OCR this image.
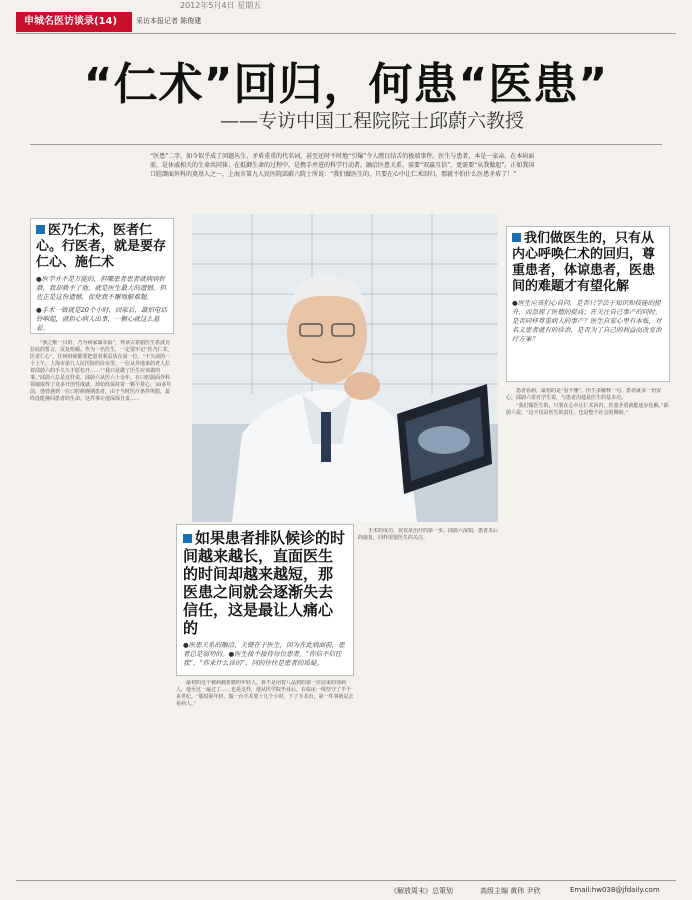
2012年5月4日 星期五
申城名医访谈录(14)	采访本报记者 陈俊建
“仁术”回归，何患“医患”
——专访中国工程院院士邱蔚六教授
“医患”二字，如今似乎成了问题丛生、矛盾重重的代名词，甚至还时不时地“引爆”令人瞠目结舌的极端事件。医生与患者，本是一家亲。在本病面前，是休戚相关的生命共同体；在抵御生命的过程中，是携手并进的科学行动者。融洽医患关系，需要“双赢互信”，更需要“从我做起”。正如我国口腔颌面外科的奠基人之一、上海市第九人民医院邱蔚六院士所说：“我们做医生的，只要在心中让仁术回归，那就不怕什么医患矛盾了！”
医乃仁术，医者仁心。行医者，就是要存仁心、施仁术
●医学并不是万能的，但哪患者患者就病病折磨，我却救不了他，就是医生最大的遗憾。但也正是这份遗憾，促使我不懈地解难题。
●手术一做就是20个小时，回家后，最怕电话铃响起，就担心病人出事，一颗心就这么悬着。
我们做医生的，只有从内心呼唤仁术的回归，尊重患者，体谅患者，医患间的难题才有望化解
●医生应该扪心自问，是否只学法于知识和技能的提升，而忽视了医德的提高；在关注自己事产的同时，是否同样尊重病人的事产？医生自家心里有本账，对名义患者就有的诊治，是否为了自己的利益而改变治疗方案？
如果患者排队候诊的时间越来越长，直面医生的时间却越来越短，那医患之间就会逐渐失去信任，这是最让人痛心的
●医患关系的融洽，关键在于医生，因为在此病面前，患者总是弱势的。●医生接不接待每位患者。“你信不信任我”，“你来什么诊的”，问的往往是患者的质疑。

“我之唯一目的，乃为病家谋幸福”，拜读古希腊医生希波克拉底的誓言，反复咀嚼。作为一名医生，一定要牢记“医乃仁术，医者仁心”，任何时候都要把患者利益放在第一位。“不久前的一个上午，上海市第九人民医院的诊室里，一位从外地来的老人拉着邱蔚六的手久久不愿松开……”“我只是做了医生应该做的事。”邱蔚六总是这样说。邱蔚六从医六十余年，在口腔颌面外科领域取得了众多开创性成就，却始终保持着一颗平常心。30多年前，他曾遇到一位口腔癌晚期患者，由于当时医疗条件所限，最终没能挽回患者的生命，这件事让他深深自责……

最初的这个被病痛折磨的年轻人，拼不是闭着八晶到的第一位前来的邻病人，他至这一遍过了……也是这样，他从医学院毕业后，在临床一线坚守了半个多世纪。“那时候年轻，做一台手术要十几个小时，下了手术台，第一件事就是去看病人。”

手术的成功，仅仅是治疗的第一步。邱蔚六深知，患者术后的康复，同样需要医生的关注。

患者看病，最怕的是“看不懂”。医生多解释一句，患者就多一份安心。邱蔚六常对学生说，与患者沟通是医生的基本功。

“我们做医生的，只要在心中让仁术回归，医患矛盾就能逐步化解。”邱蔚六说，“这不仅是医生的责任，也是整个社会的期盼。”

《解放周末》总策划	高级主编 黄玮 尹欣	Email:hw038@jfdaily.com
